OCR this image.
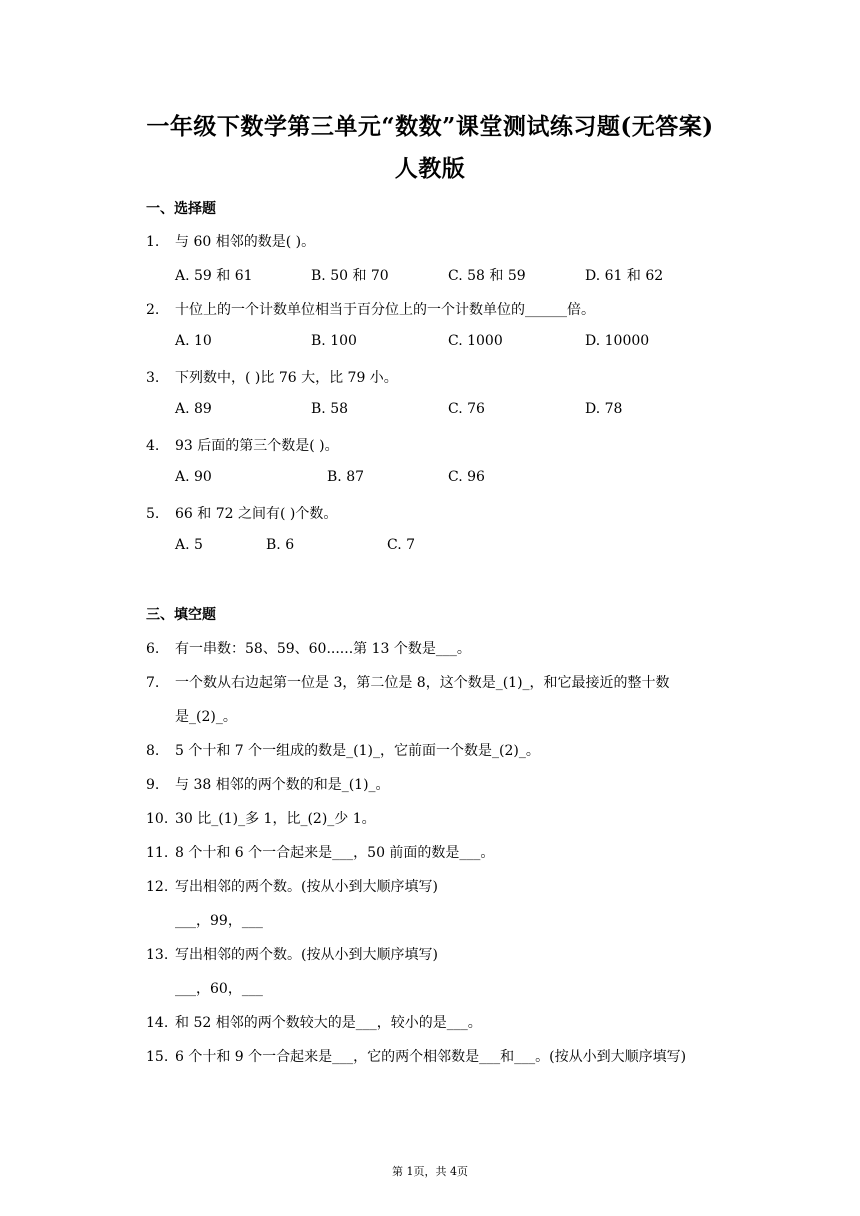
一年级下数学第三单元“数数”课堂测试练习题(无答案)
人教版
一、选择题
1. 与 60 相邻的数是( )。
A. 59 和 61	B. 50 和 70	C. 58 和 59	D. 61 和 62
2. 十位上的一个计数单位相当于百分位上的一个计数单位的______倍。
A. 10	B. 100	C. 1000	D. 10000
3. 下列数中，( )比 76 大，比 79 小。
A. 89	B. 58	C. 76	D. 78
4. 93 后面的第三个数是( )。
A. 90	B. 87	C. 96
5. 66 和 72 之间有( )个数。
A. 5	B. 6	C. 7
三、填空题
6. 有一串数：58、59、60......第 13 个数是___。
7. 一个数从右边起第一位是 3，第二位是 8，这个数是_(1)_，和它最接近的整十数
是_(2)_。
8. 5 个十和 7 个一组成的数是_(1)_，它前面一个数是_(2)_。
9. 与 38 相邻的两个数的和是_(1)_。
10. 30 比_(1)_多 1，比_(2)_少 1。
11. 8 个十和 6 个一合起来是___，50 前面的数是___。
12. 写出相邻的两个数。(按从小到大顺序填写)
___，99，___
13. 写出相邻的两个数。(按从小到大顺序填写)
___，60，___
14. 和 52 相邻的两个数较大的是___，较小的是___。
15. 6 个十和 9 个一合起来是___，它的两个相邻数是___和___。(按从小到大顺序填写)
第 1页，共 4页
